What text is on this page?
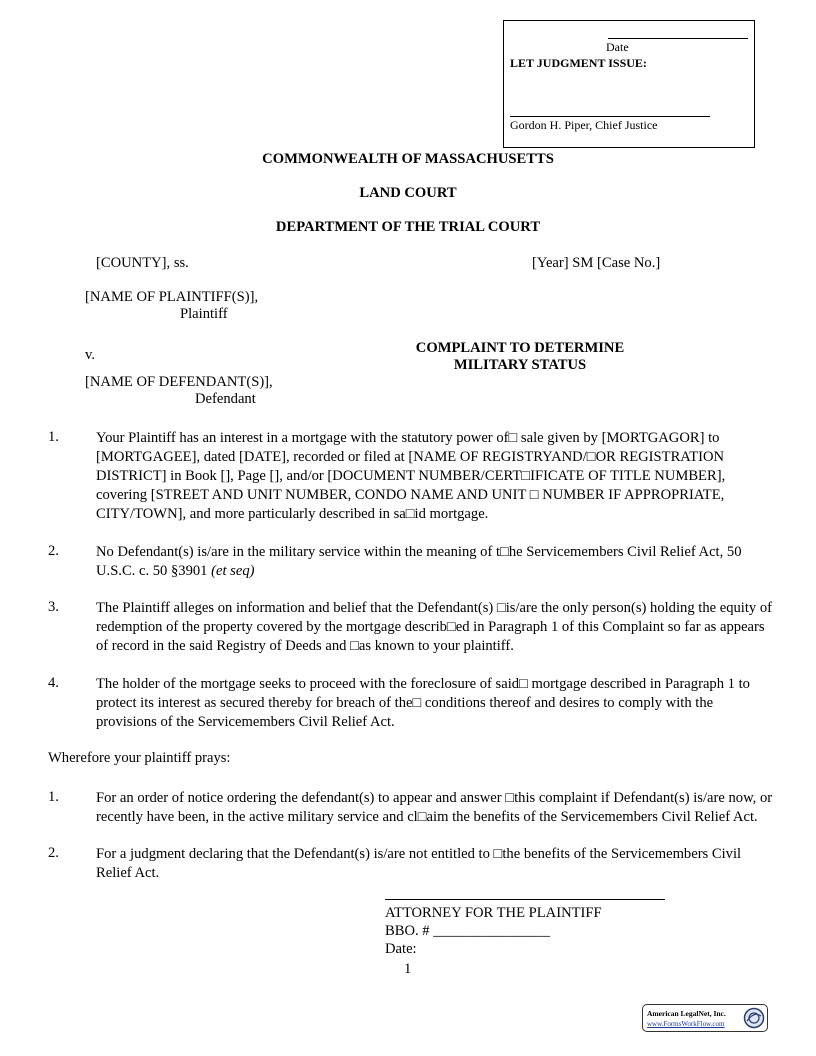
Date
LET JUDGMENT ISSUE:
Gordon H. Piper, Chief Justice
COMMONWEALTH OF MASSACHUSETTS
LAND COURT
DEPARTMENT OF THE TRIAL COURT
[COUNTY], ss.	[Year] SM [Case No.]
[NAME OF PLAINTIFF(S)],
Plaintiff
v.
[NAME OF DEFENDANT(S)],
Defendant
COMPLAINT TO DETERMINE
MILITARY STATUS
1.	Your Plaintiff has an interest in a mortgage with the statutory power of□ sale given by [MORTGAGOR] to [MORTGAGEE], dated [DATE], recorded or filed at [NAME OF REGISTRYAND/□OR REGISTRATION DISTRICT] in Book [], Page [], and/or [DOCUMENT NUMBER/CERT□IFICATE OF TITLE NUMBER], covering [STREET AND UNIT NUMBER, CONDO NAME AND UNIT □ NUMBER IF APPROPRIATE, CITY/TOWN], and more particularly described in sa□id mortgage.
2.	No Defendant(s) is/are in the military service within the meaning of t□he Servicemembers Civil Relief Act, 50 U.S.C. c. 50 §3901 (et seq)
3.	The Plaintiff alleges on information and belief that the Defendant(s) □is/are the only person(s) holding the equity of redemption of the property covered by the mortgage describ□ed in Paragraph 1 of this Complaint so far as appears of record in the said Registry of Deeds and □as known to your plaintiff.
4.	The holder of the mortgage seeks to proceed with the foreclosure of said□ mortgage described in Paragraph 1 to protect its interest as secured thereby for breach of the□ conditions thereof and desires to comply with the provisions of the Servicemembers Civil Relief Act.
Wherefore your plaintiff prays:
1.	For an order of notice ordering the defendant(s) to appear and answer □this complaint if Defendant(s) is/are now, or recently have been, in the active military service and cl□aim the benefits of the Servicemembers Civil Relief Act.
2.	For a judgment declaring that the Defendant(s) is/are not entitled to □the benefits of the Servicemembers Civil Relief Act.
ATTORNEY FOR THE PLAINTIFF
BBO. # ________________
Date:
1
American LegalNet, Inc.
www.FormsWorkFlow.com
